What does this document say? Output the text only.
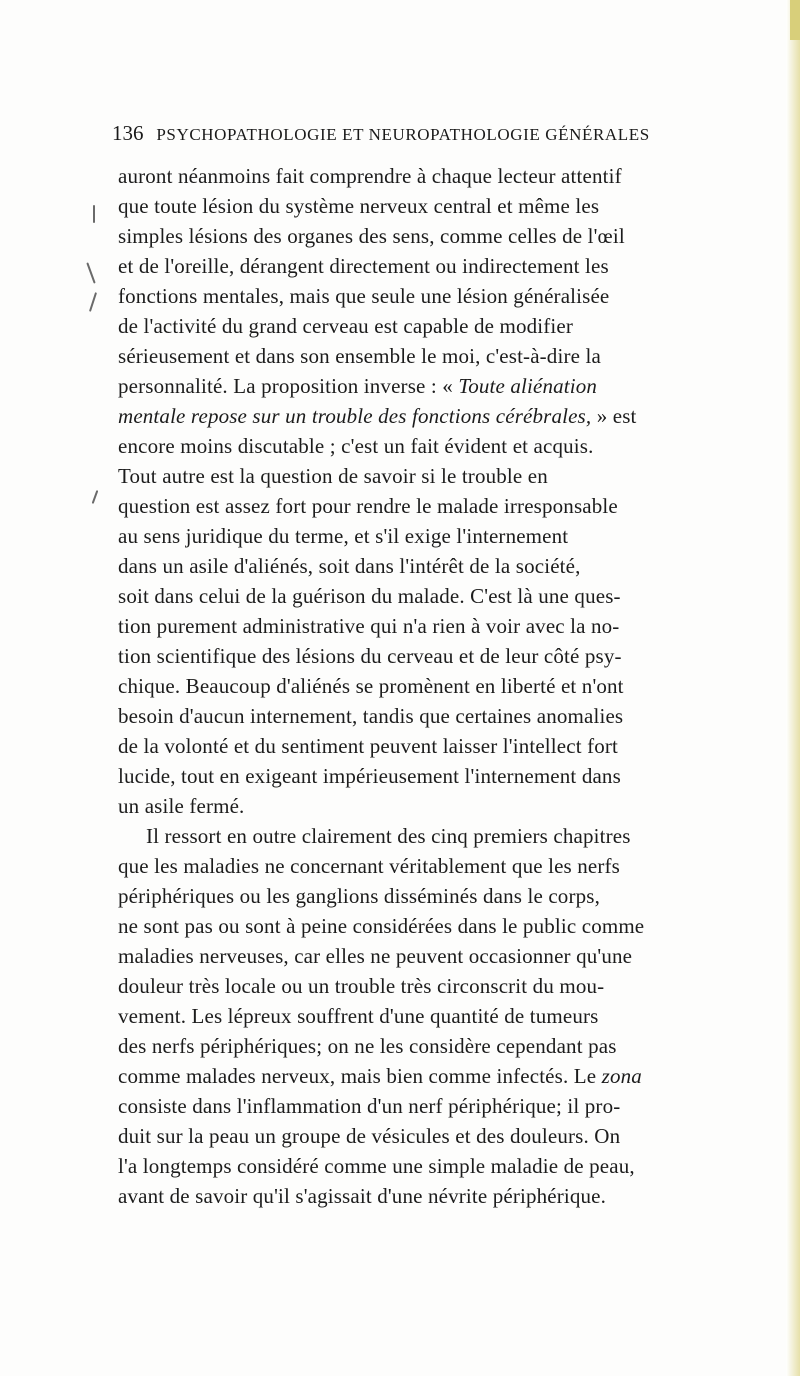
136 PSYCHOPATHOLOGIE ET NEUROPATHOLOGIE GÉNÉRALES
auront néanmoins fait comprendre à chaque lecteur attentif
que toute lésion du système nerveux central et même les
simples lésions des organes des sens, comme celles de l'œil
et de l'oreille, dérangent directement ou indirectement les
fonctions mentales, mais que seule une lésion généralisée
de l'activité du grand cerveau est capable de modifier
sérieusement et dans son ensemble le moi, c'est-à-dire la
personnalité. La proposition inverse : « Toute aliénation
mentale repose sur un trouble des fonctions cérébrales, » est
encore moins discutable ; c'est un fait évident et acquis.
Tout autre est la question de savoir si le trouble en
question est assez fort pour rendre le malade irresponsable
au sens juridique du terme, et s'il exige l'internement
dans un asile d'aliénés, soit dans l'intérêt de la société,
soit dans celui de la guérison du malade. C'est là une ques-
tion purement administrative qui n'a rien à voir avec la no-
tion scientifique des lésions du cerveau et de leur côté psy-
chique. Beaucoup d'aliénés se promènent en liberté et n'ont
besoin d'aucun internement, tandis que certaines anomalies
de la volonté et du sentiment peuvent laisser l'intellect fort
lucide, tout en exigeant impérieusement l'internement dans
un asile fermé.
Il ressort en outre clairement des cinq premiers chapitres
que les maladies ne concernant véritablement que les nerfs
périphériques ou les ganglions disséminés dans le corps,
ne sont pas ou sont à peine considérées dans le public comme
maladies nerveuses, car elles ne peuvent occasionner qu'une
douleur très locale ou un trouble très circonscrit du mou-
vement. Les lépreux souffrent d'une quantité de tumeurs
des nerfs périphériques; on ne les considère cependant pas
comme malades nerveux, mais bien comme infectés. Le zona
consiste dans l'inflammation d'un nerf périphérique; il pro-
duit sur la peau un groupe de vésicules et des douleurs. On
l'a longtemps considéré comme une simple maladie de peau,
avant de savoir qu'il s'agissait d'une névrite périphérique.
